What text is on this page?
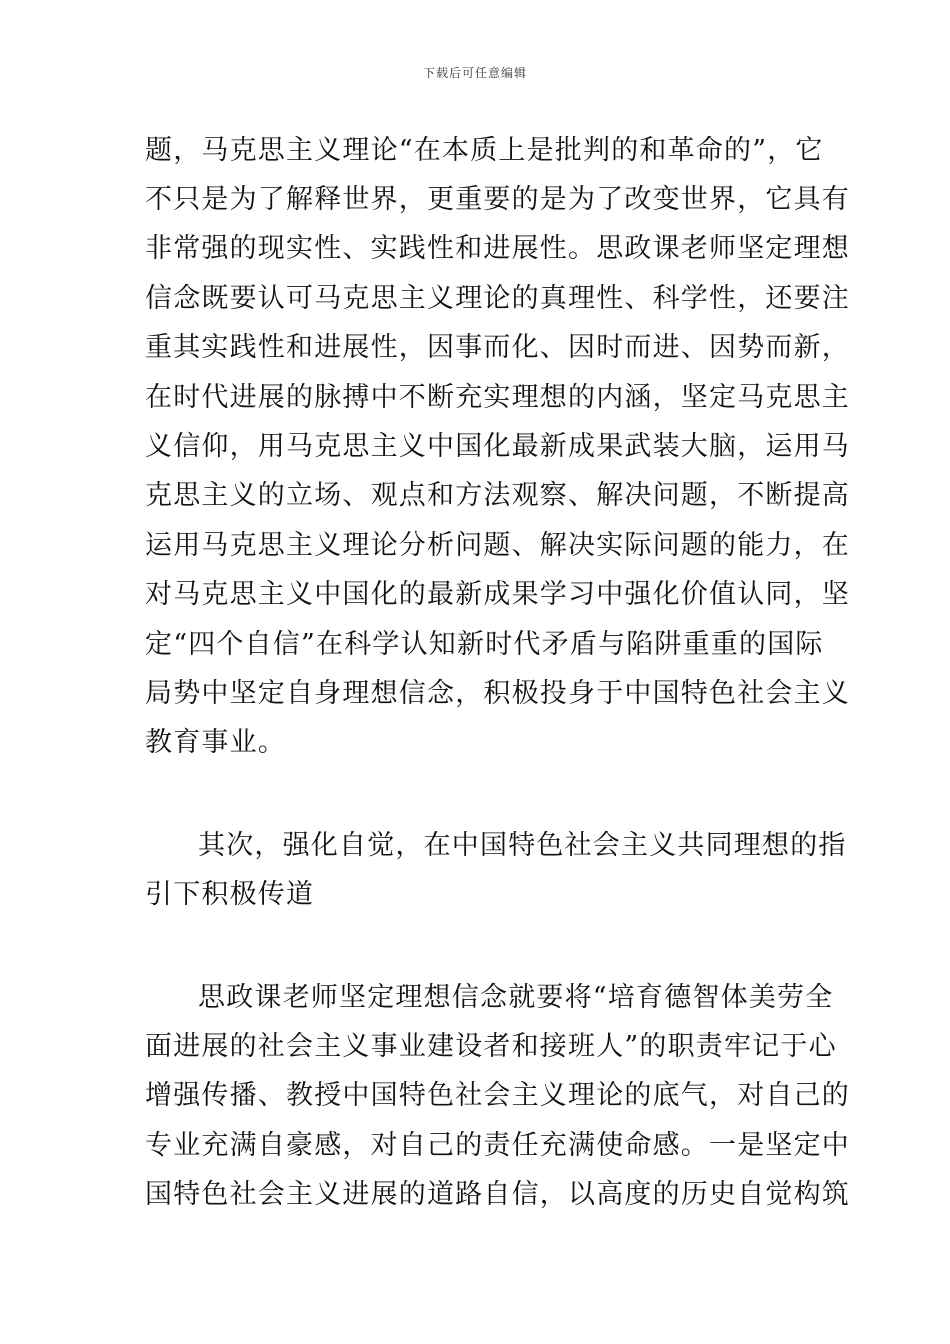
下载后可任意编辑
题，马克思主义理论“在本质上是批判的和革命的”，它
不只是为了解释世界，更重要的是为了改变世界，它具有
非常强的现实性、实践性和进展性。思政课老师坚定理想
信念既要认可马克思主义理论的真理性、科学性，还要注
重其实践性和进展性，因事而化、因时而进、因势而新，
在时代进展的脉搏中不断充实理想的内涵，坚定马克思主
义信仰，用马克思主义中国化最新成果武装大脑，运用马
克思主义的立场、观点和方法观察、解决问题，不断提高
运用马克思主义理论分析问题、解决实际问题的能力，在
对马克思主义中国化的最新成果学习中强化价值认同，坚
定“四个自信”在科学认知新时代矛盾与陷阱重重的国际
局势中坚定自身理想信念，积极投身于中国特色社会主义
教育事业。
其次，强化自觉，在中国特色社会主义共同理想的指
引下积极传道
思政课老师坚定理想信念就要将“培育德智体美劳全
面进展的社会主义事业建设者和接班人”的职责牢记于心
增强传播、教授中国特色社会主义理论的底气，对自己的
专业充满自豪感，对自己的责任充满使命感。一是坚定中
国特色社会主义进展的道路自信，以高度的历史自觉构筑
